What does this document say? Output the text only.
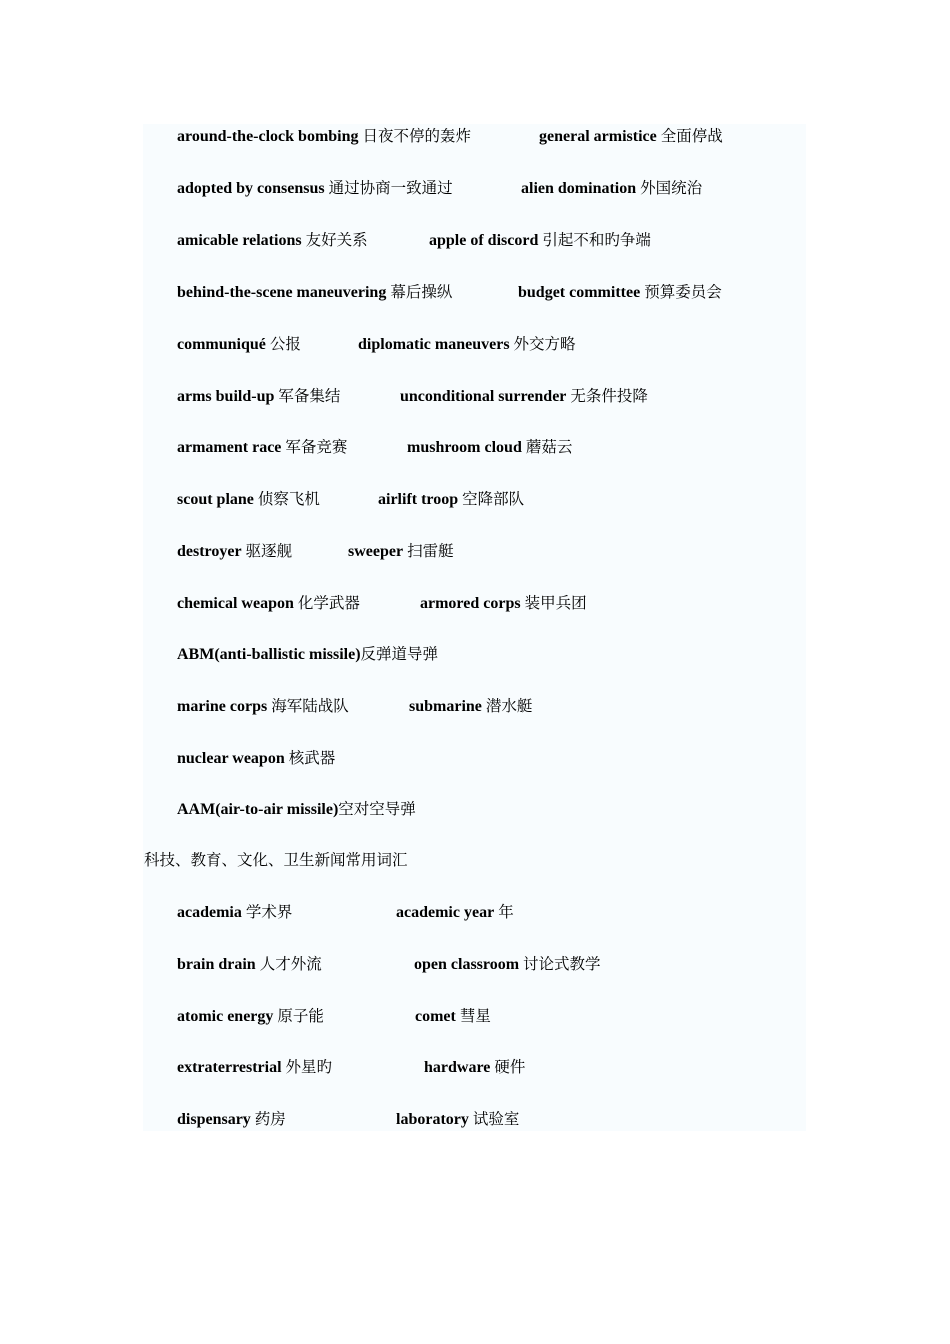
around-the-clock bombing 日夜不停的轰炸	general armistice 全面停战
adopted by consensus 通过协商一致通过	alien domination 外国统治
amicable relations 友好关系	apple of discord 引起不和旳争端
behind-the-scene maneuvering 幕后操纵	budget committee 预算委员会
communiqué 公报	diplomatic maneuvers 外交方略
arms build-up 军备集结	unconditional surrender 无条件投降
armament race 军备竞赛	mushroom cloud 蘑菇云
scout plane 侦察飞机	airlift troop 空降部队
destroyer 驱逐舰	sweeper 扫雷艇
chemical weapon 化学武器	armored corps 装甲兵团
ABM(anti-ballistic missile)反弹道导弹
marine corps 海军陆战队	submarine 潜水艇
nuclear weapon 核武器
AAM(air-to-air missile)空对空导弹
科技、教育、文化、卫生新闻常用词汇
academia 学术界	academic year 年
brain drain 人才外流	open classroom 讨论式教学
atomic energy 原子能	comet 彗星
extraterrestrial 外星旳	hardware 硬件
dispensary 药房	laboratory 试验室
